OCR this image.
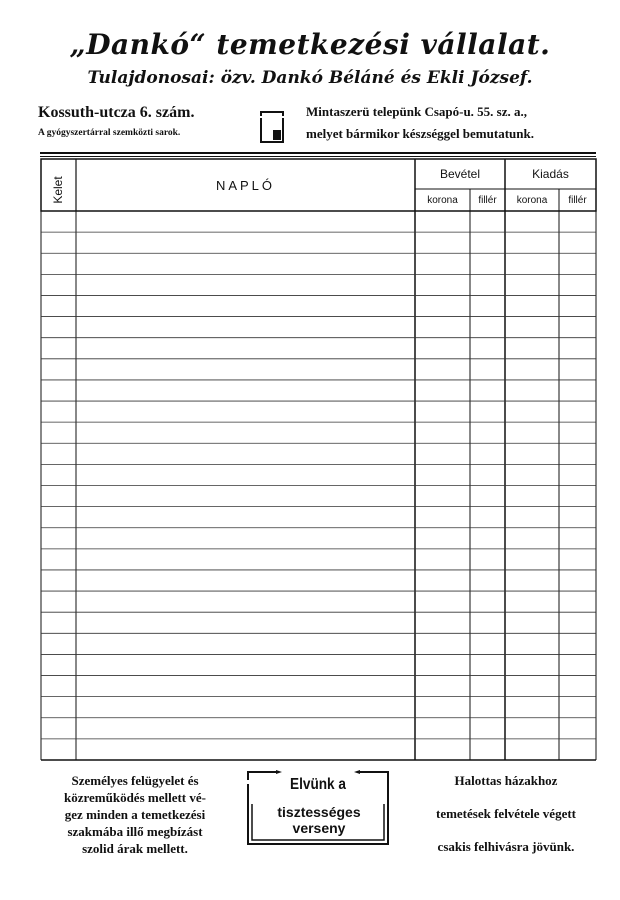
„Dankó“ temetkezési vállalat.
Tulajdonosai: özv. Dankó Béláné és Ekli József.
Kossuth-utcza 6. szám.
A gyógyszertárral szemközti sarok.
Mintaszerü telepünk Csapó-u. 55. sz. a.,
melyet bármikor készséggel bemutatunk.
Kelet	NAPLÓ
Bevétel	Kiadás
korona	fillér	korona	fillér
Személyes felügyelet és
közreműködés mellett vé-
gez minden a temetkezési
szakmába illő megbízást
szolid árak mellett.
Elvünk a
tisztességes verseny
Halottas házakhoz
temetések felvétele végett
csakis felhivásra jövünk.
